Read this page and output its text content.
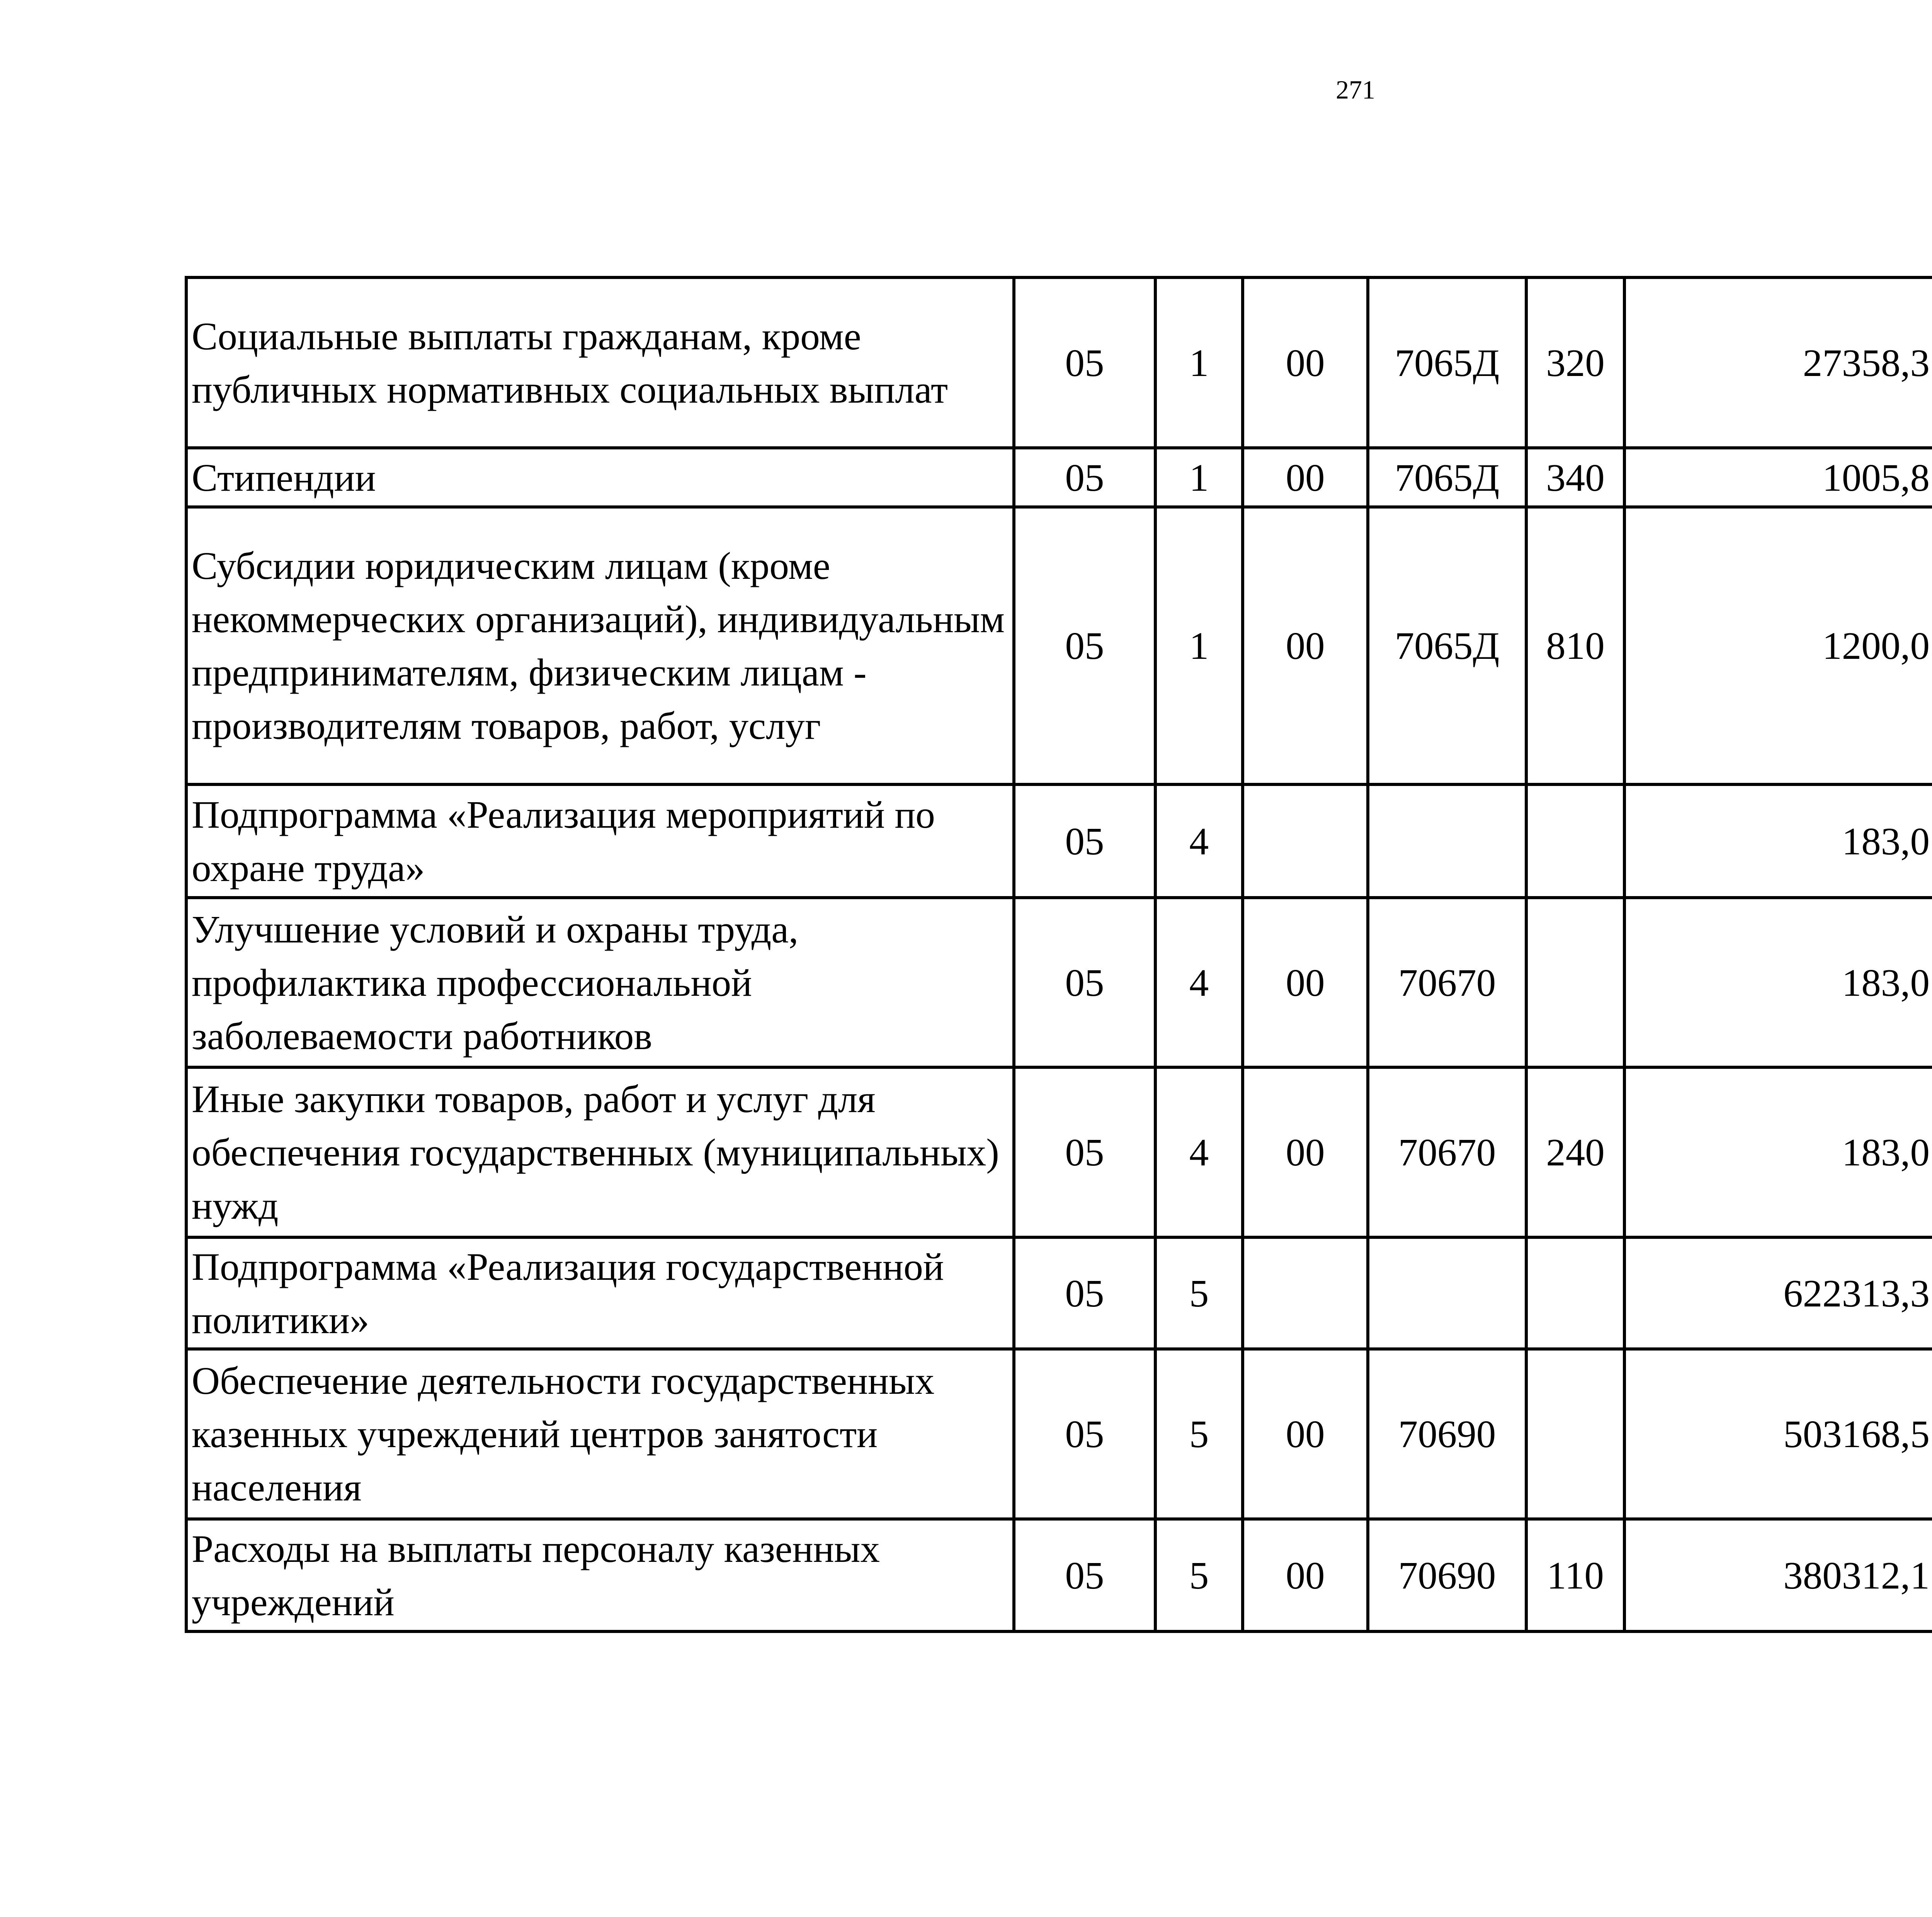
271
Социальные выплаты гражданам, кроме публичных нормативных социальных выплат	05	1	00	7065Д	320	27358,3		
Стипендии	05	1	00	7065Д	340	1005,8		
Субсидии юридическим лицам (кроме некоммерческих организаций), индивидуальным предпринимателям, физическим лицам - производителям товаров, работ, услуг	05	1	00	7065Д	810	1200,0		
Подпрограмма «Реализация мероприятий по охране труда»	05	4				183,0		
Улучшение условий и охраны труда, профилактика профессиональной заболеваемости работников	05	4	00	70670		183,0		
Иные закупки товаров, работ и услуг для обеспечения государственных (муниципальных) нужд	05	4	00	70670	240	183,0		
Подпрограмма «Реализация государственной политики»	05	5				622313,3		
Обеспечение деятельности государственных казенных учреждений центров занятости населения	05	5	00	70690		503168,5		
Расходы на выплаты персоналу казенных учреждений	05	5	00	70690	110	380312,1		
